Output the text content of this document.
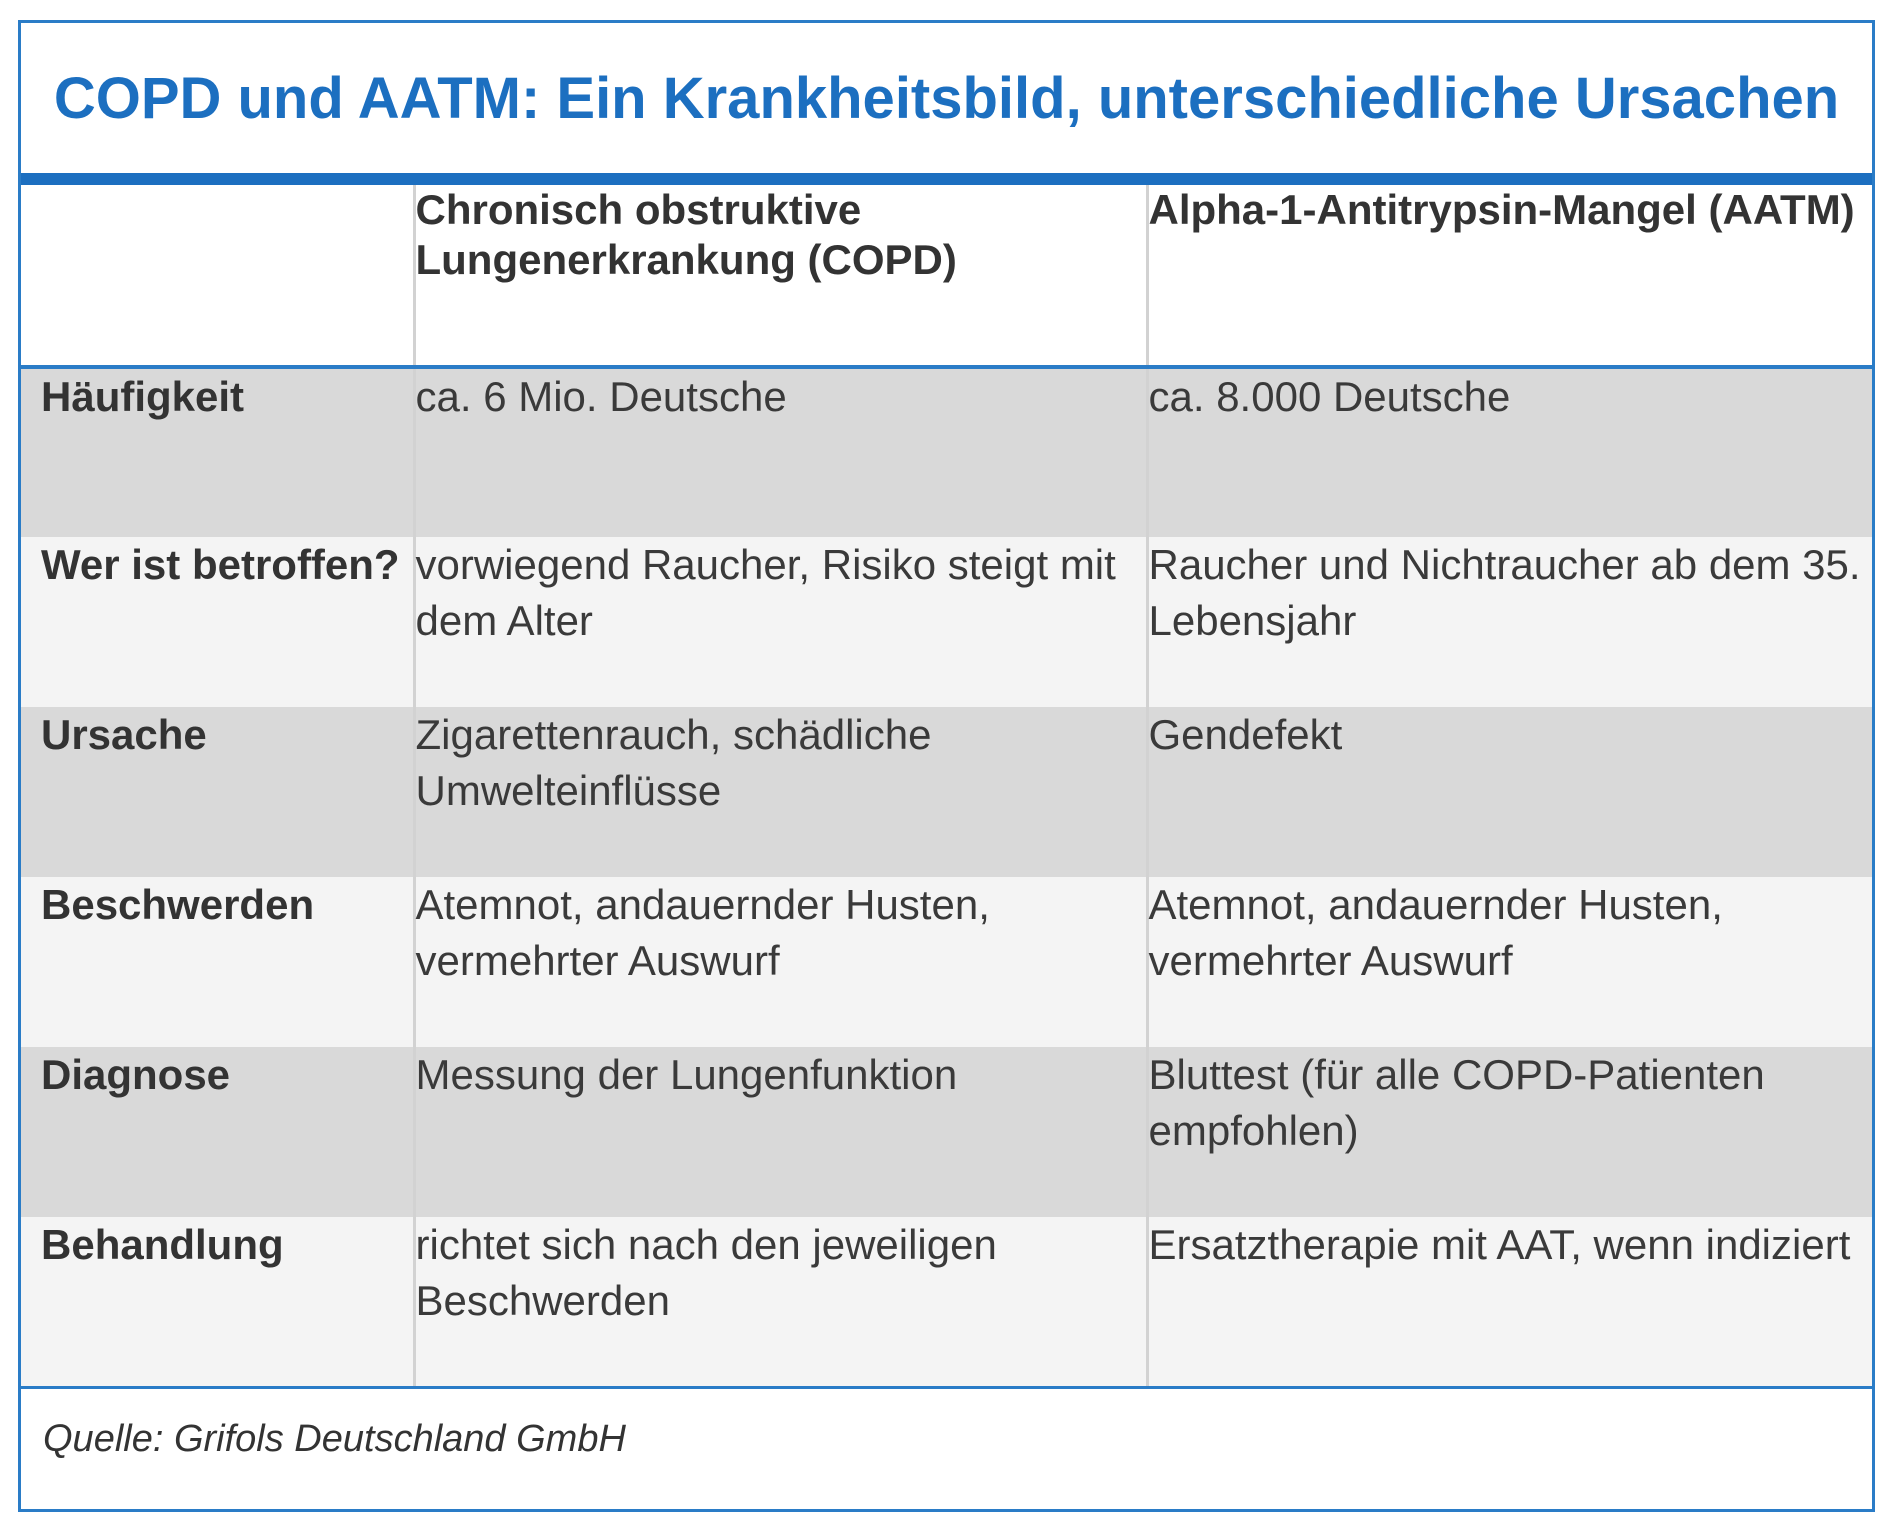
COPD und AATM: Ein Krankheitsbild, unterschiedliche Ursachen
	Chronisch obstruktive Lungenerkrankung (COPD)	Alpha-1-Antitrypsin-Mangel (AATM)
Häufigkeit	ca. 6 Mio. Deutsche	ca. 8.000 Deutsche
Wer ist betroffen?	vorwiegend Raucher, Risiko steigt mit dem Alter	Raucher und Nichtraucher ab dem 35. Lebensjahr
Ursache	Zigarettenrauch, schädliche Umwelteinflüsse	Gendefekt
Beschwerden	Atemnot, andauernder Husten, vermehrter Auswurf	Atemnot, andauernder Husten, vermehrter Auswurf
Diagnose	Messung der Lungenfunktion	Bluttest (für alle COPD-Patienten empfohlen)
Behandlung	richtet sich nach den jeweiligen Beschwerden	Ersatztherapie mit AAT, wenn indiziert
Quelle: Grifols Deutschland GmbH
